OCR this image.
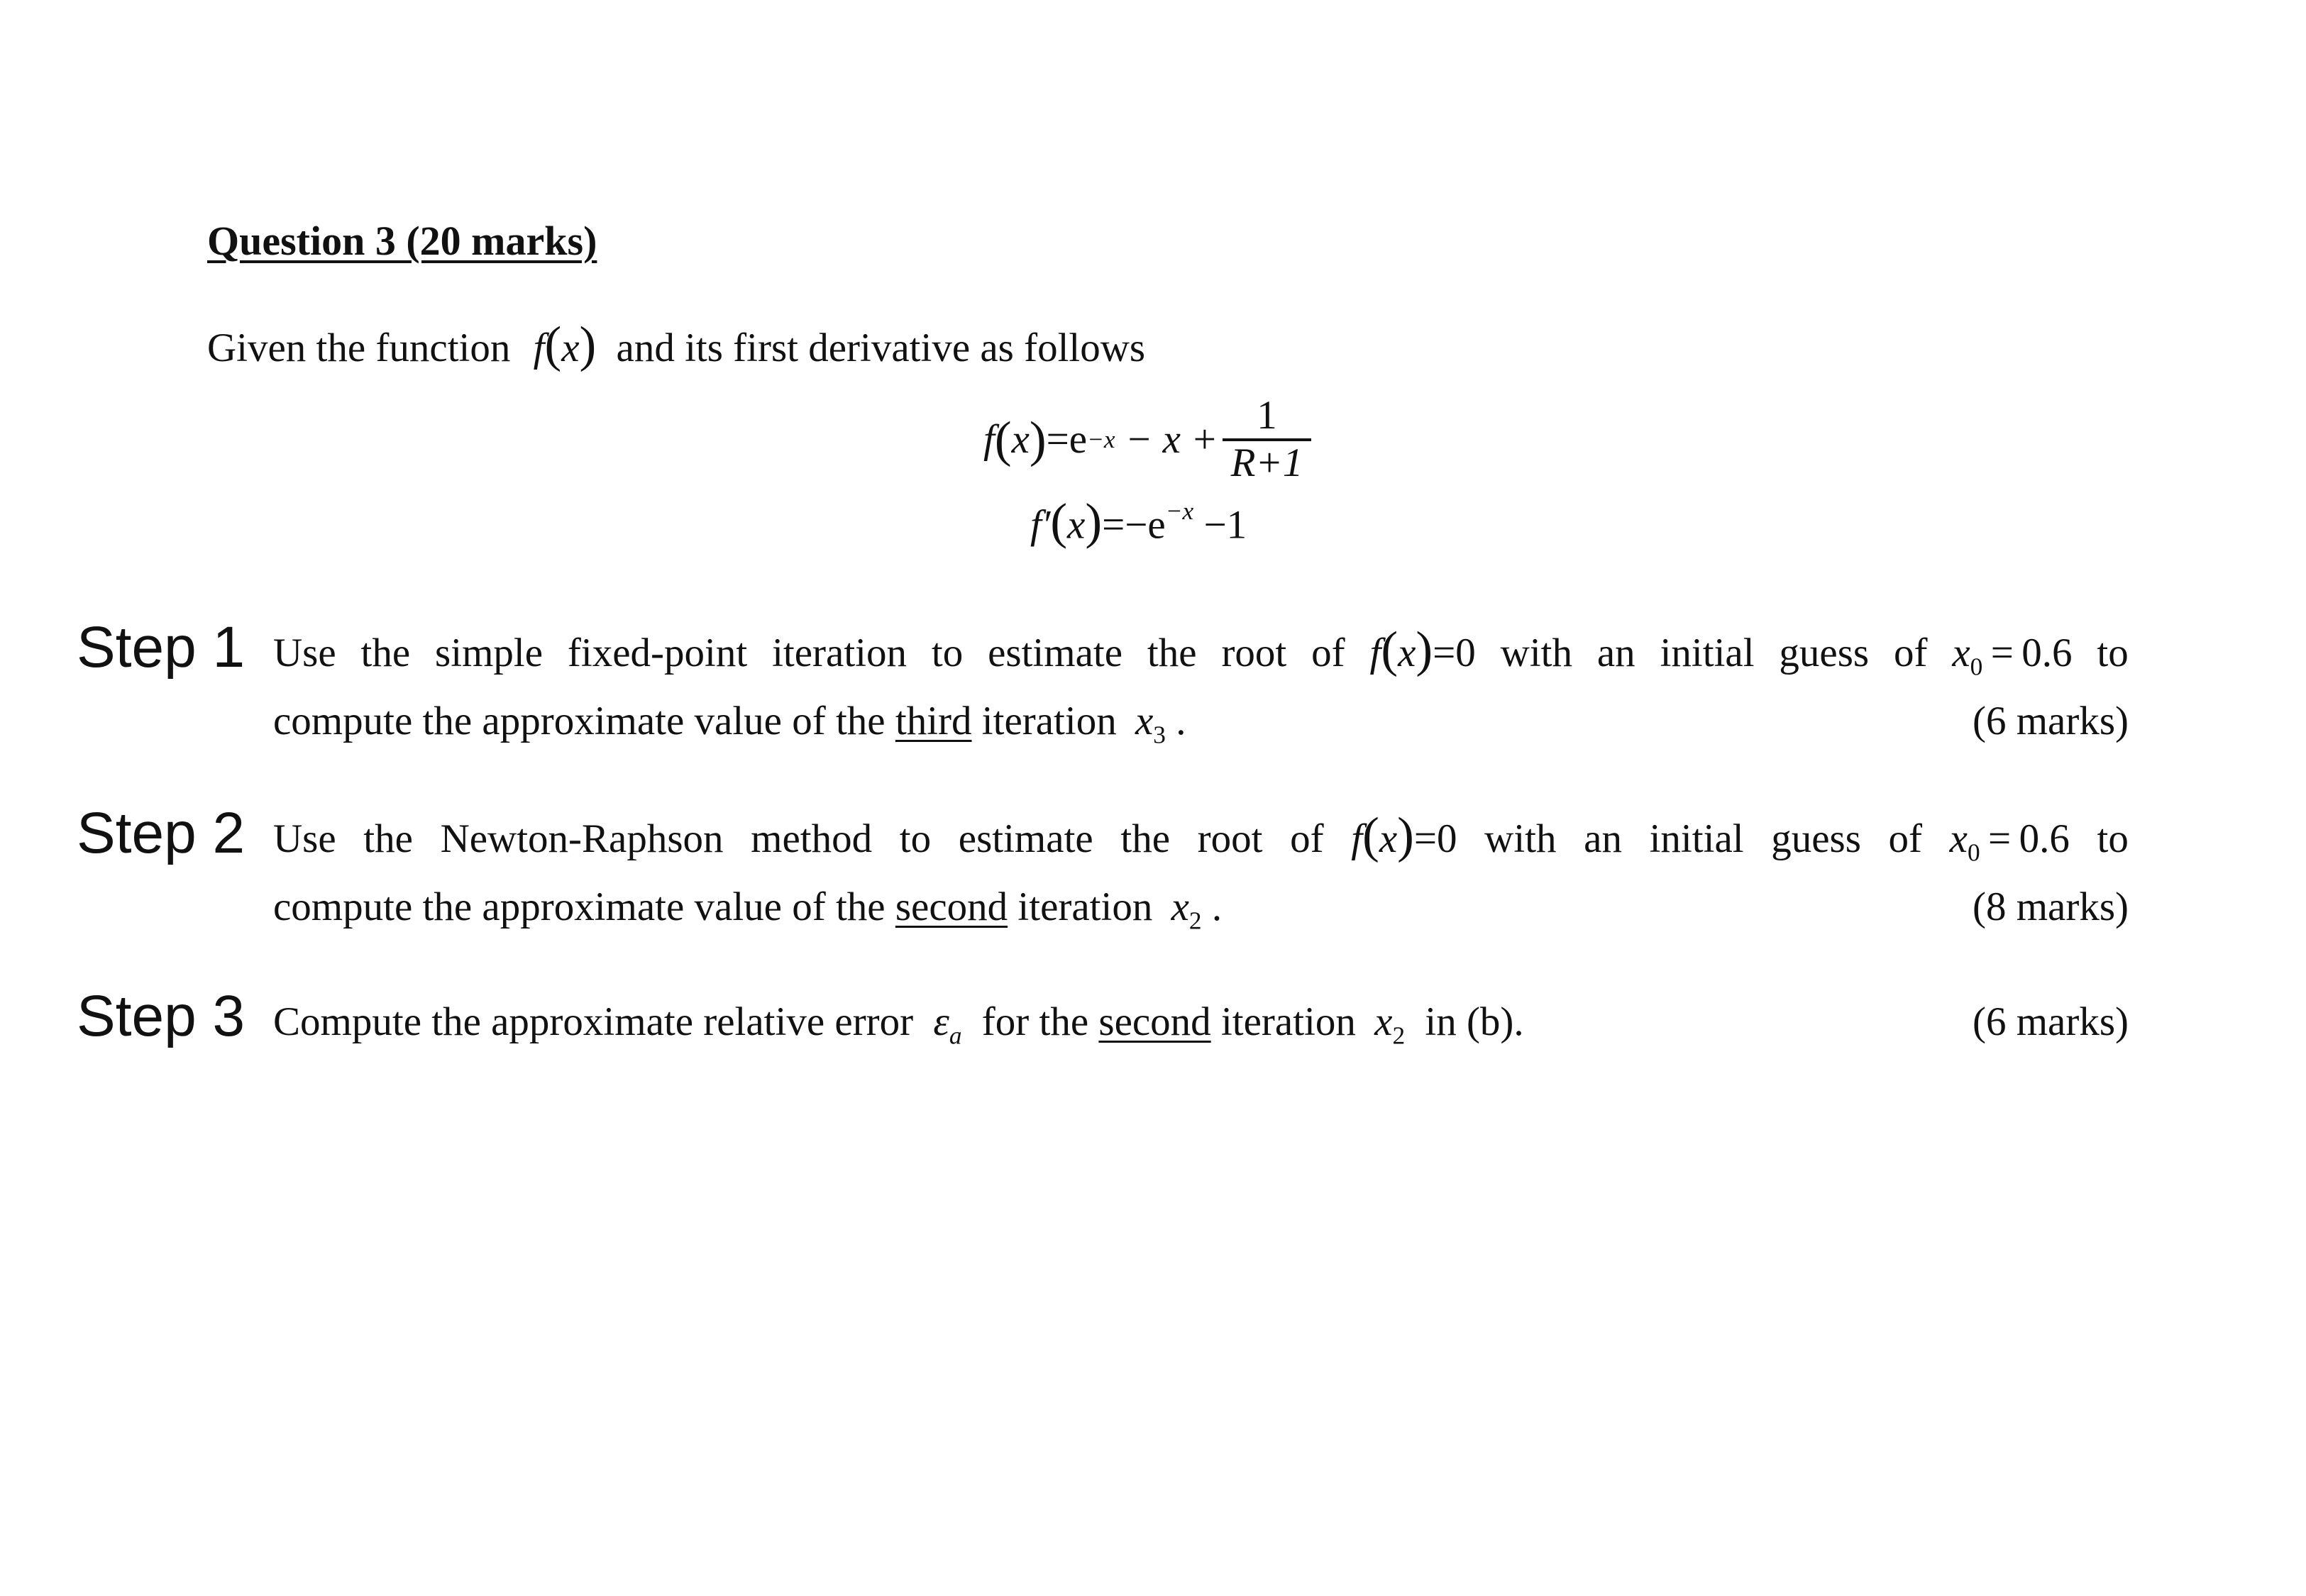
Question 3 (20 marks)
Given the function f(x) and its first derivative as follows
f ( x ) $=e -x - x + \frac{1}{R+1}$
$f'(x)=-e^{-x} -1$
Step 1 Use the simple fixed-point iteration to estimate the root of f(x)=0 with an initial guess of $x_0 = 0.6$ to
compute the approximate value of the third iteration $x_3$ .	(6 marks)
Step 2 Use the Newton-Raphson method to estimate the root of f(x)=0 with an initial guess of $x_0 = 0.6$ to
compute the approximate value of the second iteration $x_2$ .	(8 marks)
Step 3 Compute the approximate relative error $\varepsilon_a$ for the second iteration $x_2$ in (b).	(6 marks)
